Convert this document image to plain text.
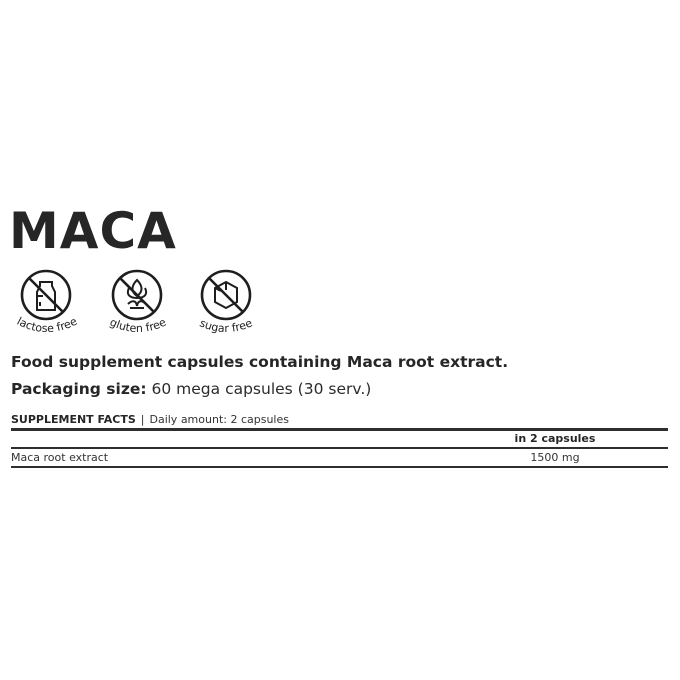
MACA
lactose free	gluten free	sugar free
Food supplement capsules containing Maca root extract.
Packaging size: 60 mega capsules (30 serv.)
SUPPLEMENT FACTS | Daily amount: 2 capsules
in 2 capsules
Maca root extract	1500 mg
